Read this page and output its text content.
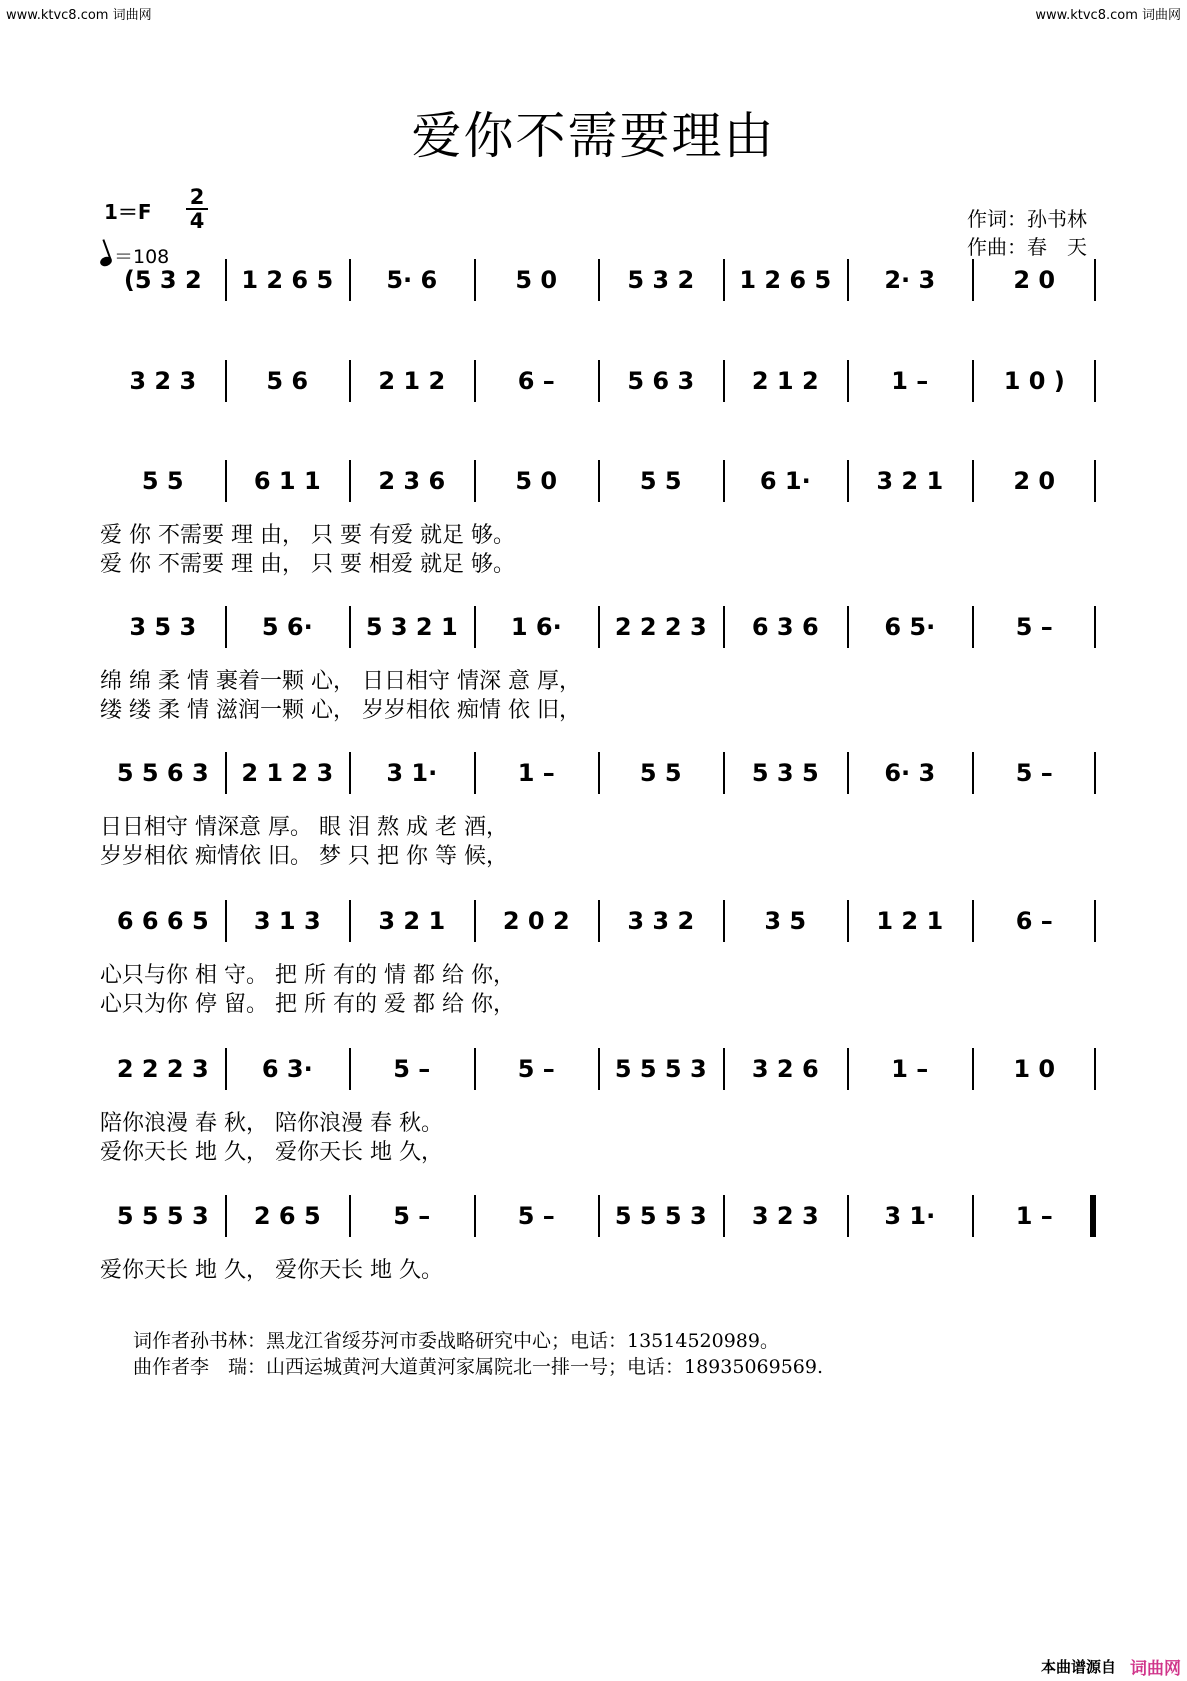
www.ktvc8.com 词曲网	www.ktvc8.com 词曲网
爱你不需要理由
1＝F
2
4
＝108
作词：孙书林
作曲：春　天
(5 3 2	1 2 6 5	5· 6	5 0	5 3 2	1 2 6 5	2· 3	2 0
3 2 3	5 6	2 1 2	6 –	5 6 3	2 1 2	1 –	1 0 )
5 5	6 1 1	2 3 6	5 0	5 5	6 1·	3 2 1	2 0
爱 你 不需要 理 由， 只 要 有爱 就足 够。
爱 你 不需要 理 由， 只 要 相爱 就足 够。
3 5 3	5 6·	5 3 2 1	1 6·	2 2 2 3	6 3 6	6 5·	5 –
绵 绵 柔 情 裹着一颗 心， 日日相守 情深 意 厚，
缕 缕 柔 情 滋润一颗 心， 岁岁相依 痴情 依 旧，
5 5 6 3	2 1 2 3	3 1·	1 –	5 5	5 3 5	6· 3	5 –
日日相守 情深意 厚。 眼 泪 熬 成 老 酒，
岁岁相依 痴情依 旧。 梦 只 把 你 等 候，
6 6 6 5	3 1 3	3 2 1	2 0 2	3 3 2	3 5	1 2 1	6 –
心只与你 相 守。 把 所 有的 情 都 给 你，
心只为你 停 留。 把 所 有的 爱 都 给 你，
2 2 2 3	6 3·	5 –	5 –	5 5 5 3	3 2 6	1 –	1 0
陪你浪漫 春 秋， 陪你浪漫 春 秋。
爱你天长 地 久， 爱你天长 地 久，
5 5 5 3	2 6 5	5 –	5 –	5 5 5 3	3 2 3	3 1·	1 –
爱你天长 地 久， 爱你天长 地 久。
词作者孙书林：黑龙江省绥芬河市委战略研究中心；电话：13514520989。
曲作者李　瑞：山西运城黄河大道黄河家属院北一排一号；电话：18935069569.
本曲谱源自 词曲网
